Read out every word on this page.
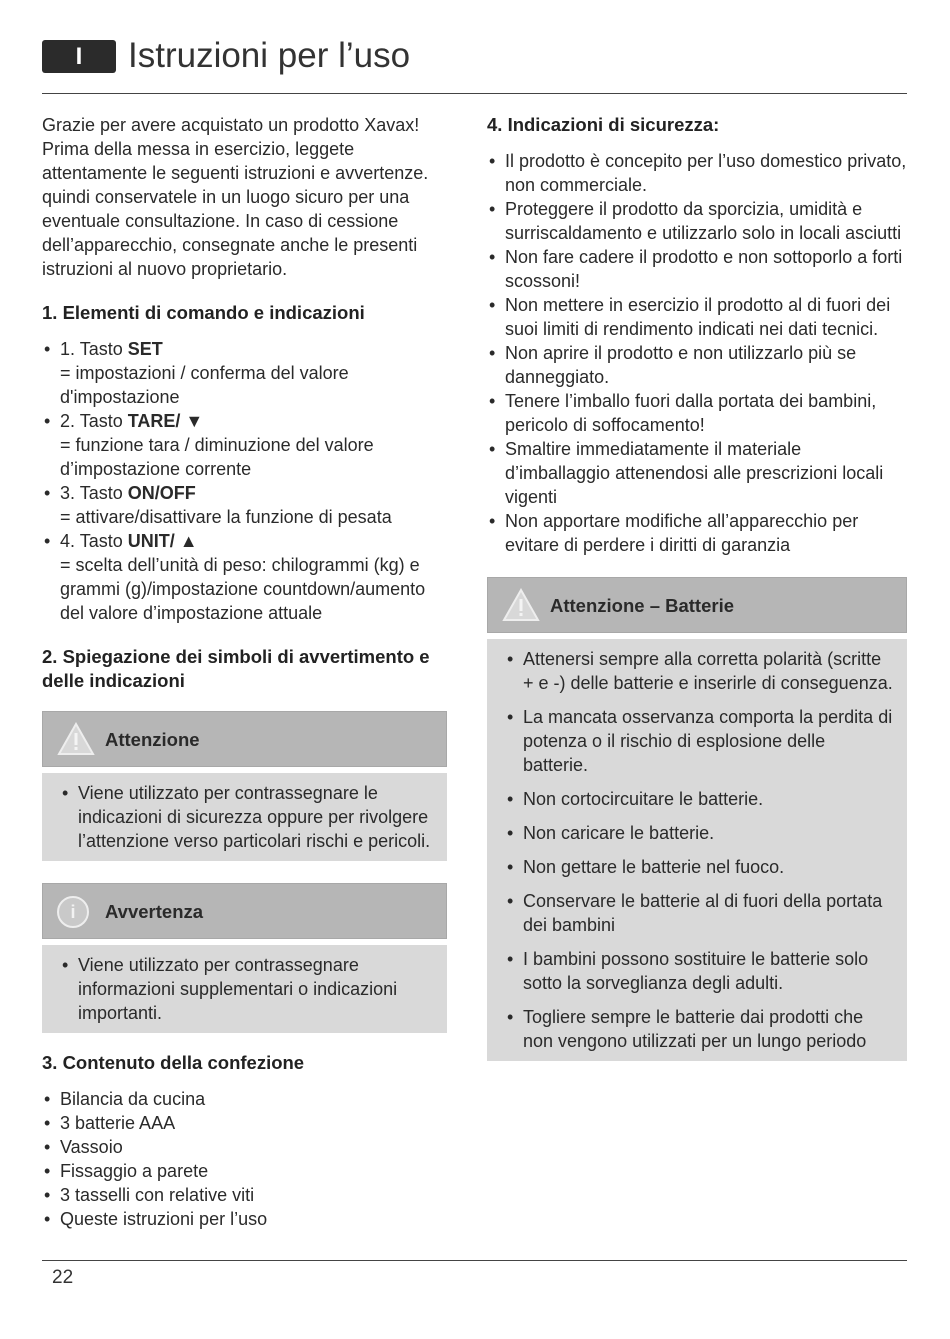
I	Istruzioni per l’uso

Grazie per avere acquistato un prodotto Xavax! Prima della messa in esercizio, leggete attentamente le seguenti istruzioni e avvertenze. quindi conservatele in un luogo sicuro per una eventuale consultazione. In caso di cessione dell’apparecchio, consegnate anche le presenti istruzioni al nuovo proprietario.

1. Elementi di comando e indicazioni
• 1. Tasto SET
= impostazioni / conferma del valore d'impostazione
• 2. Tasto TARE/ ▼
= funzione tara / diminuzione del valore d’impostazione corrente
• 3. Tasto ON/OFF
= attivare/disattivare la funzione di pesata
• 4. Tasto UNIT/ ▲
= scelta dell’unità di peso: chilogrammi (kg) e grammi (g)/impostazione countdown/aumento del valore d’impostazione attuale
2. Spiegazione dei simboli di avvertimento e delle indicazioni
Attenzione
• Viene utilizzato per contrassegnare le indicazioni di sicurezza oppure per rivolgere l’attenzione verso particolari rischi e pericoli.
i	Avvertenza
• Viene utilizzato per contrassegnare informazioni supplementari o indicazioni importanti.
3. Contenuto della confezione
• Bilancia da cucina
• 3 batterie AAA
• Vassoio
• Fissaggio a parete
• 3 tasselli con relative viti
• Queste istruzioni per l’uso
4. Indicazioni di sicurezza:
• Il prodotto è concepito per l’uso domestico privato, non commerciale.
• Proteggere il prodotto da sporcizia, umidità e surriscaldamento e utilizzarlo solo in locali asciutti
• Non fare cadere il prodotto e non sottoporlo a forti scossoni!
• Non mettere in esercizio il prodotto al di fuori dei suoi limiti di rendimento indicati nei dati tecnici.
• Non aprire il prodotto e non utilizzarlo più se danneggiato.
• Tenere l’imballo fuori dalla portata dei bambini, pericolo di soffocamento!
• Smaltire immediatamente il materiale d’imballaggio attenendosi alle prescrizioni locali vigenti
• Non apportare modifiche all’apparecchio per evitare di perdere i diritti di garanzia
Attenzione – Batterie
• Attenersi sempre alla corretta polarità (scritte + e -) delle batterie e inserirle di conseguenza.
• La mancata osservanza comporta la perdita di potenza o il rischio di esplosione delle batterie.
• Non cortocircuitare le batterie.
• Non caricare le batterie.
• Non gettare le batterie nel fuoco.
• Conservare le batterie al di fuori della portata dei bambini
• I bambini possono sostituire le batterie solo sotto la sorveglianza degli adulti.
• Togliere sempre le batterie dai prodotti che non vengono utilizzati per un lungo periodo
22
